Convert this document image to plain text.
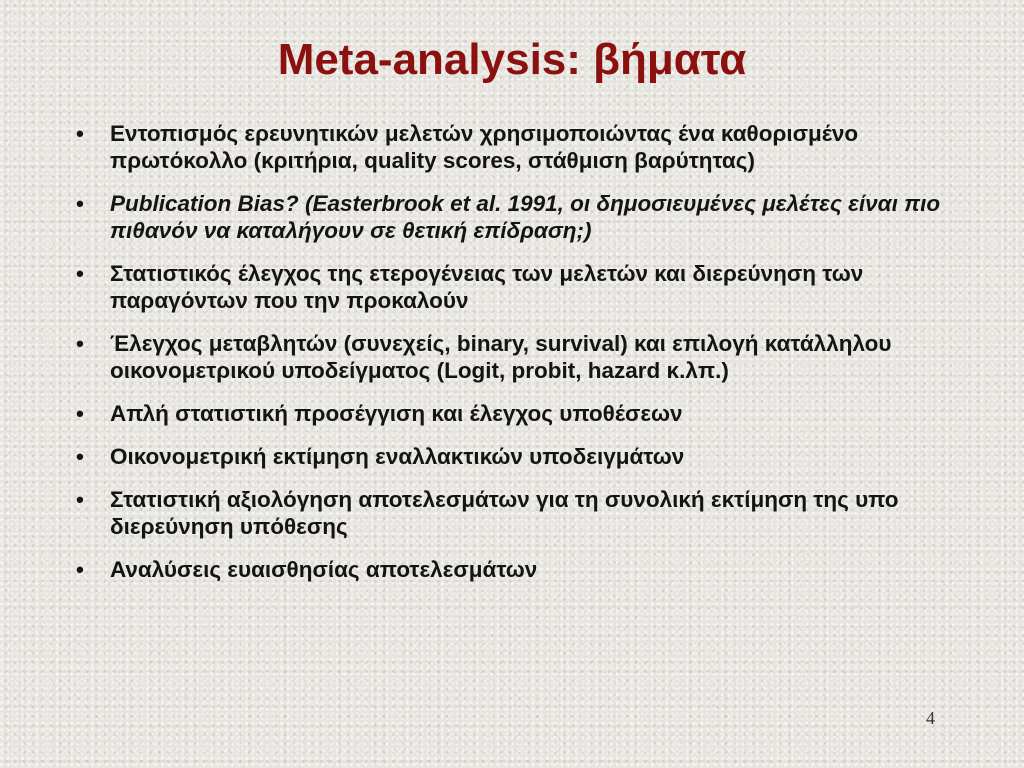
Meta-analysis: βήματα
• Εντοπισμός ερευνητικών μελετών χρησιμοποιώντας ένα καθορισμένο πρωτόκολλο (κριτήρια, quality scores, στάθμιση βαρύτητας)
• Publication Bias? (Easterbrook et al. 1991, οι δημοσιευμένες μελέτες είναι πιο πιθανόν να καταλήγουν σε θετική επίδραση;)
• Στατιστικός έλεγχος της ετερογένειας των μελετών και διερεύνηση των παραγόντων που την προκαλούν
• Έλεγχος μεταβλητών (συνεχείς, binary, survival) και επιλογή κατάλληλου οικονομετρικού υποδείγματος (Logit, probit, hazard κ.λπ.)
• Απλή στατιστική προσέγγιση και έλεγχος υποθέσεων
• Οικονομετρική εκτίμηση εναλλακτικών υποδειγμάτων
• Στατιστική αξιολόγηση αποτελεσμάτων για τη συνολική εκτίμηση της υπο διερεύνηση υπόθεσης
• Αναλύσεις ευαισθησίας αποτελεσμάτων
4
